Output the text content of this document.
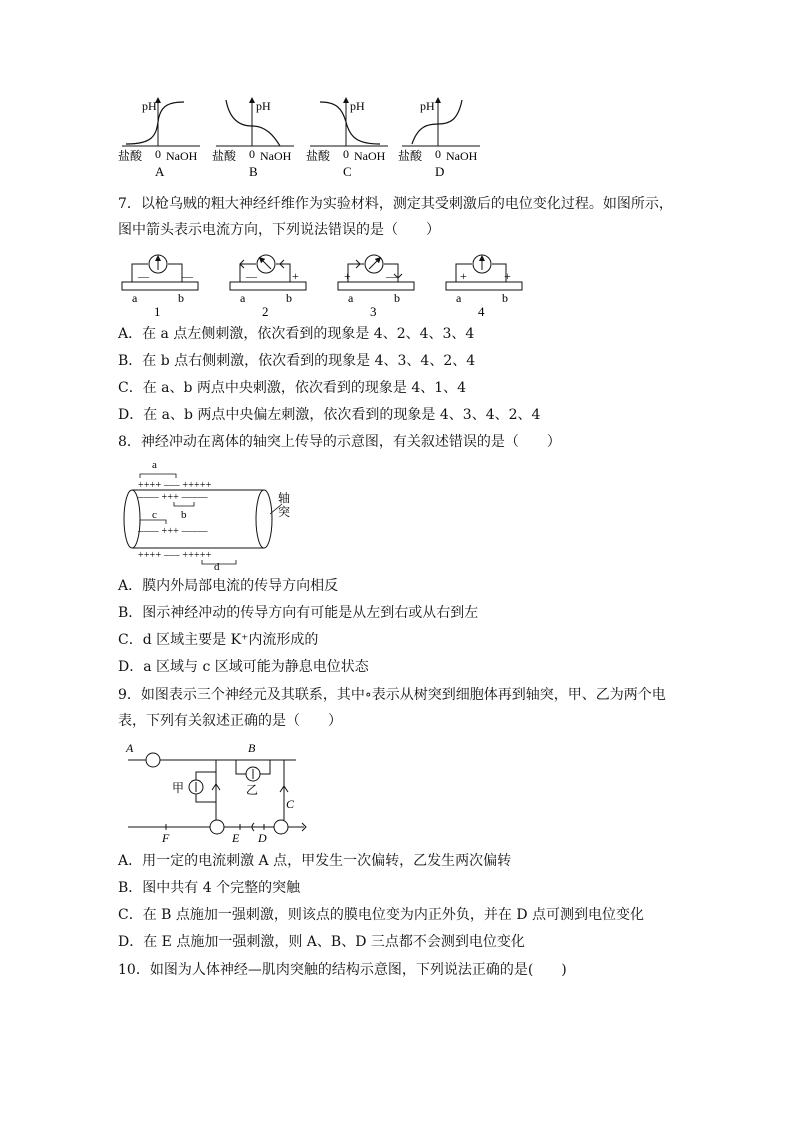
pH
盐酸 0 NaOH
A
pH
盐酸 0 NaOH
B
pH
盐酸 0 NaOH
C
pH
盐酸 0 NaOH
D
7．以枪乌贼的粗大神经纤维作为实验材料，测定其受刺激后的电位变化过程。如图所示，
图中箭头表示电流方向，下列说法错误的是（　　）
—	—
a	b
1
—	+
a	b
2
+	—
a	b
3
+	+
a	b
4
A．在 a 点左侧刺激，依次看到的现象是 4、2、4、3、4
B．在 b 点右侧刺激，依次看到的现象是 4、3、4、2、4
C．在 a、b 两点中央刺激，依次看到的现象是 4、1、4
D．在 a、b 两点中央偏左刺激，依次看到的现象是 4、3、4、2、4
8．神经冲动在离体的轴突上传导的示意图，有关叙述错误的是（　　）
a
轴
突
++++ ––– +++++
–––– +++ –––––
b
c
–––– +++ –––––
++++ ––– +++++
d
A．膜内外局部电流的传导方向相反
B．图示神经冲动的传导方向有可能是从左到右或从右到左
C．d 区域主要是 K⁺内流形成的
D．a 区域与 c 区域可能为静息电位状态
9．如图表示三个神经元及其联系，其中∘表示从树突到细胞体再到轴突，甲、乙为两个电
表，下列有关叙述正确的是（　　）
A	B
甲	乙
C
F	E D
A．用一定的电流刺激 A 点，甲发生一次偏转，乙发生两次偏转
B．图中共有 4 个完整的突触
C．在 B 点施加一强刺激，则该点的膜电位变为内正外负，并在 D 点可测到电位变化
D．在 E 点施加一强刺激，则 A、B、D 三点都不会测到电位变化
10．如图为人体神经—肌肉突触的结构示意图，下列说法正确的是(　　)
